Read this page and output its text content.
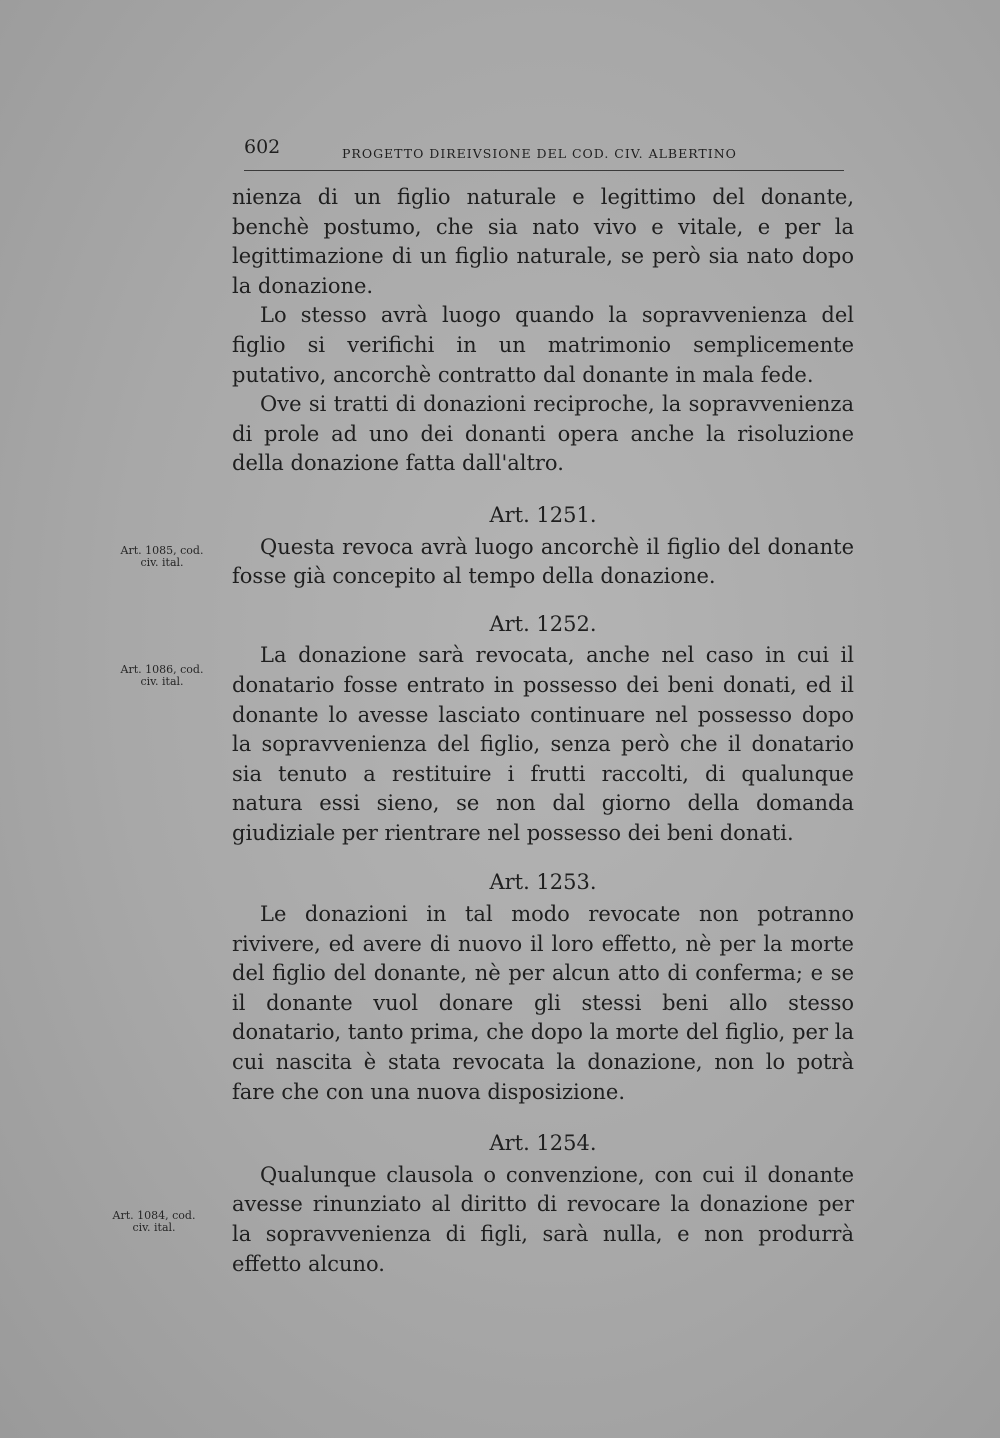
602	PROGETTO DIREIVSIONE DEL COD. CIV. ALBERTINO
Art. 1085, cod.
civ. ital.
Art. 1086, cod.
civ. ital.
Art. 1084, cod.
civ. ital.

nienza di un figlio naturale e legittimo del donante, benchè postumo, che sia nato vivo e vitale, e per la legittimazione di un figlio naturale, se però sia nato dopo la donazione.

Lo stesso avrà luogo quando la sopravvenienza del figlio si verifichi in un matrimonio semplicemente putativo, ancorchè contratto dal donante in mala fede.

Ove si tratti di donazioni reciproche, la sopravvenienza di prole ad uno dei donanti opera anche la risoluzione della donazione fatta dall'altro.

Art. 1251.

Questa revoca avrà luogo ancorchè il figlio del donante fosse già concepito al tempo della donazione.

Art. 1252.

La donazione sarà revocata, anche nel caso in cui il donatario fosse entrato in possesso dei beni donati, ed il donante lo avesse lasciato continuare nel possesso dopo la sopravvenienza del figlio, senza però che il donatario sia tenuto a restituire i frutti raccolti, di qualunque natura essi sieno, se non dal giorno della domanda giudiziale per rientrare nel possesso dei beni donati.

Art. 1253.

Le donazioni in tal modo revocate non potranno rivivere, ed avere di nuovo il loro effetto, nè per la morte del figlio del donante, nè per alcun atto di conferma; e se il donante vuol donare gli stessi beni allo stesso donatario, tanto prima, che dopo la morte del figlio, per la cui nascita è stata revocata la donazione, non lo potrà fare che con una nuova disposizione.

Art. 1254.

Qualunque clausola o convenzione, con cui il donante avesse rinunziato al diritto di revocare la donazione per la sopravvenienza di figli, sarà nulla, e non produrrà effetto alcuno.
